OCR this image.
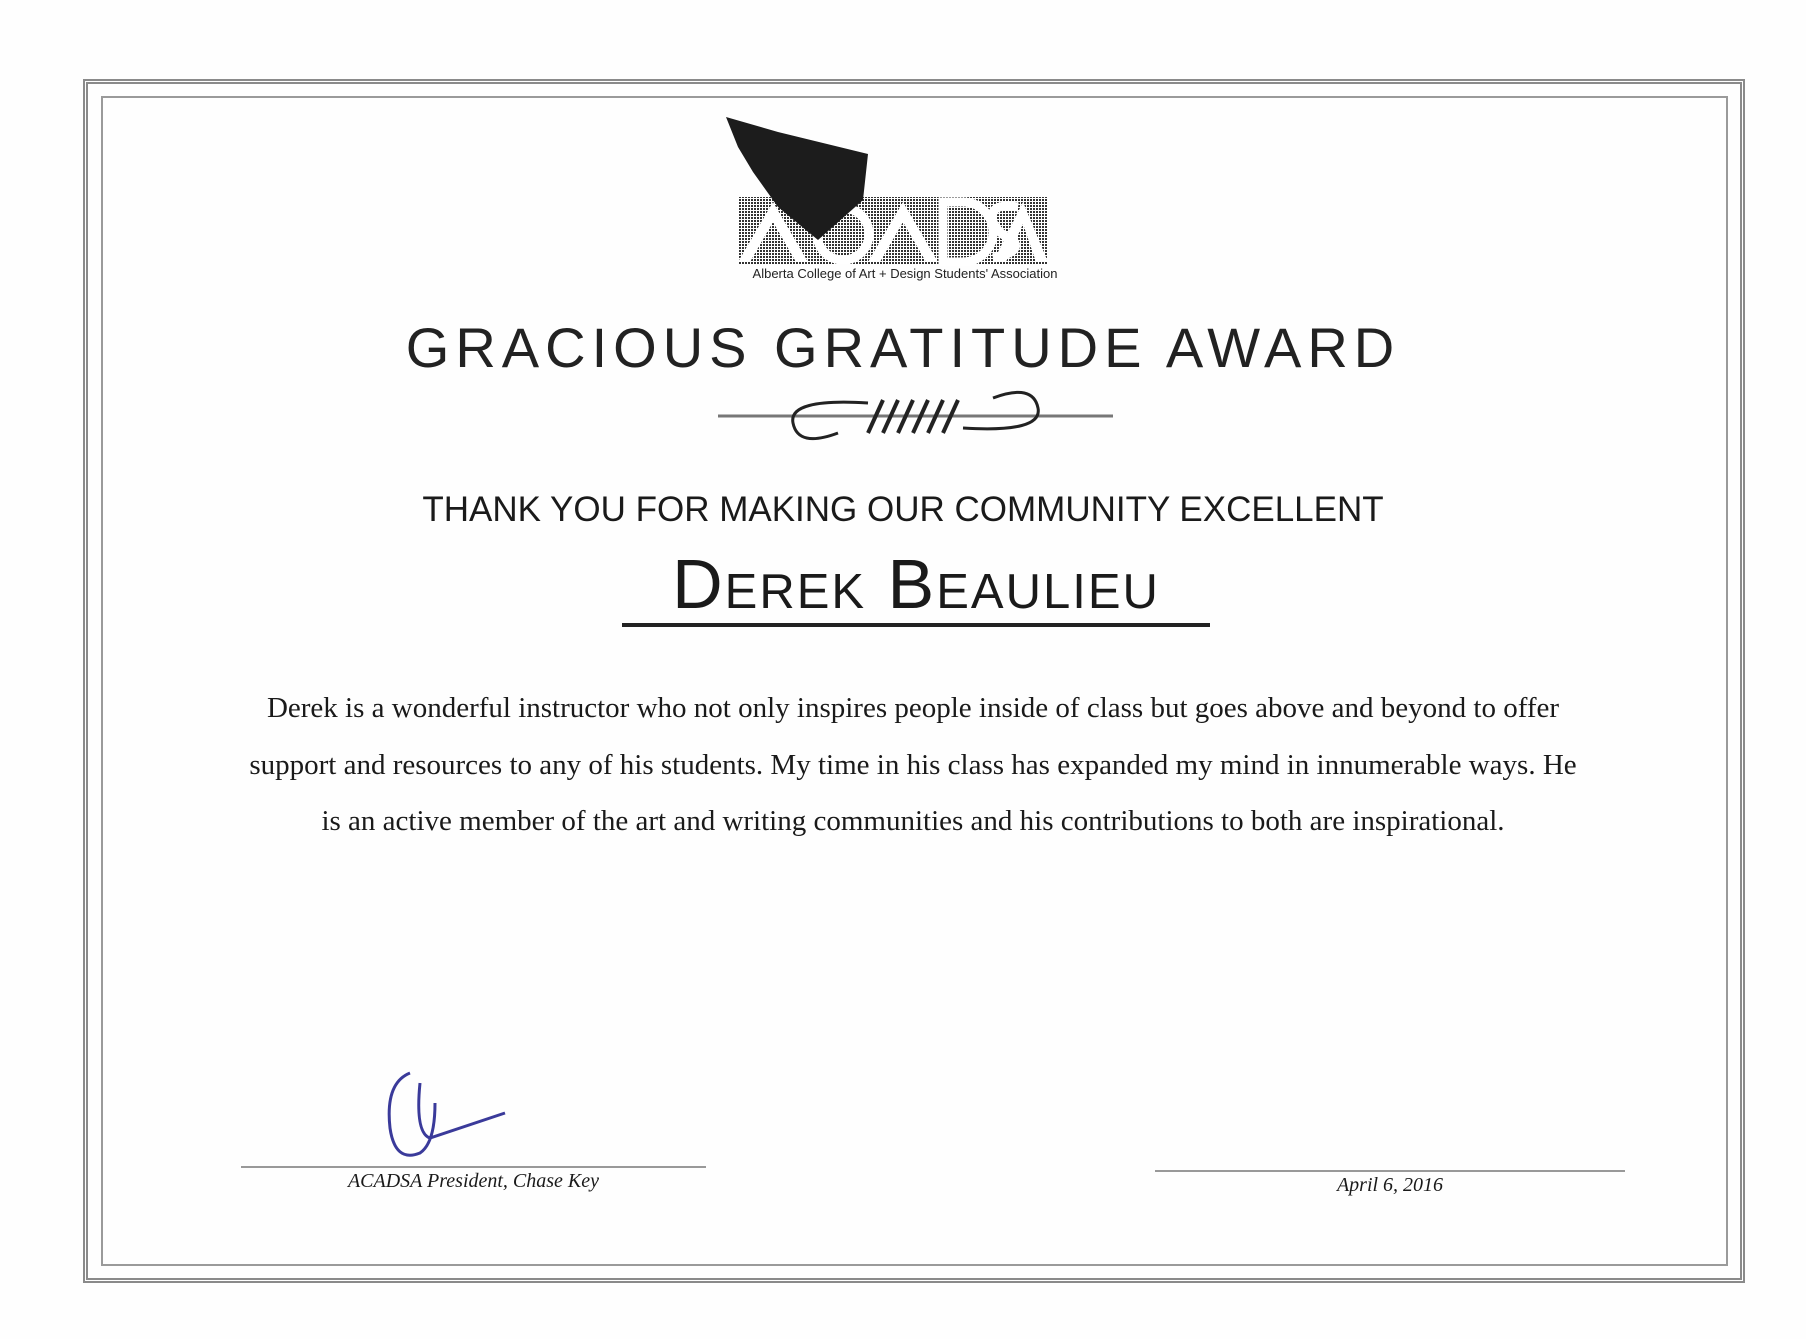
Alberta College of Art + Design Students' Association
GRACIOUS GRATITUDE AWARD
THANK YOU FOR MAKING OUR COMMUNITY EXCELLENT
Derek Beaulieu
Derek is a wonderful instructor who not only inspires people inside of class but goes above and beyond to offer support and resources to any of his students. My time in his class has expanded my mind in innumerable ways. He is an active member of the art and writing communities and his contributions to both are inspirational.
ACADSA President, Chase Key	April 6, 2016
